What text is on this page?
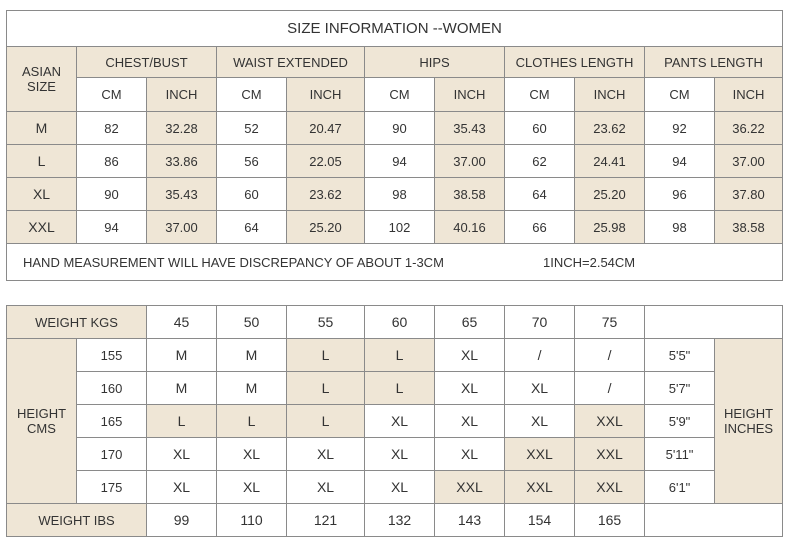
SIZE INFORMATION --WOMEN										
ASIAN SIZE	CHEST/BUST		WAIST EXTENDED		HIPS		CLOTHES LENGTH		PANTS LENGTH	
	CM	INCH	CM	INCH	CM	INCH	CM	INCH	CM	INCH
M	82	32.28	52	20.47	90	35.43	60	23.62	92	36.22
L	86	33.86	56	22.05	94	37.00	62	24.41	94	37.00
XL	90	35.43	60	23.62	98	38.58	64	25.20	96	37.80
XXL	94	37.00	64	25.20	102	40.16	66	25.98	98	38.58
HAND MEASUREMENT WILL HAVE DISCREPANCY OF ABOUT 1-3CM 1INCH=2.54CM										
WEIGHT KGS		45	50	55	60	65	70	75		
HEIGHT CMS	155	M	M	L	L	XL	/	/	5'5"	HEIGHT INCHES
	160	M	M	L	L	XL	XL	/	5'7"	
	165	L	L	L	XL	XL	XL	XXL	5'9"	
	170	XL	XL	XL	XL	XL	XXL	XXL	5'11"	
	175	XL	XL	XL	XL	XXL	XXL	XXL	6'1"	
WEIGHT IBS		99	110	121	132	143	154	165		
